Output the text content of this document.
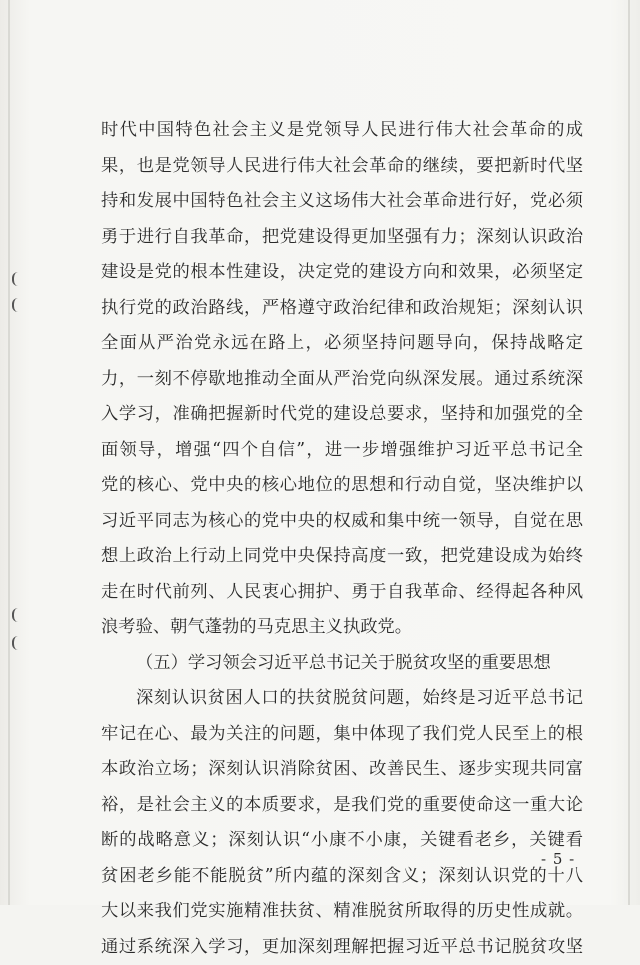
时代中国特色社会主义是党领导人民进行伟大社会革命的成
果，也是党领导人民进行伟大社会革命的继续，要把新时代坚
持和发展中国特色社会主义这场伟大社会革命进行好，党必须
勇于进行自我革命，把党建设得更加坚强有力；深刻认识政治
建设是党的根本性建设，决定党的建设方向和效果，必须坚定
执行党的政治路线，严格遵守政治纪律和政治规矩；深刻认识
全面从严治党永远在路上，必须坚持问题导向，保持战略定
力，一刻不停歇地推动全面从严治党向纵深发展。通过系统深
入学习，准确把握新时代党的建设总要求，坚持和加强党的全
面领导，增强“四个自信”，进一步增强维护习近平总书记全
党的核心、党中央的核心地位的思想和行动自觉，坚决维护以
习近平同志为核心的党中央的权威和集中统一领导，自觉在思
想上政治上行动上同党中央保持高度一致，把党建设成为始终
走在时代前列、人民衷心拥护、勇于自我革命、经得起各种风
浪考验、朝气蓬勃的马克思主义执政党。
（五）学习领会习近平总书记关于脱贫攻坚的重要思想
深刻认识贫困人口的扶贫脱贫问题，始终是习近平总书记
牢记在心、最为关注的问题，集中体现了我们党人民至上的根
本政治立场；深刻认识消除贫困、改善民生、逐步实现共同富
裕，是社会主义的本质要求，是我们党的重要使命这一重大论
断的战略意义；深刻认识“小康不小康，关键看老乡，关键看
贫困老乡能不能脱贫”所内蕴的深刻含义；深刻认识党的十八
大以来我们党实施精准扶贫、精准脱贫所取得的历史性成就。
通过系统深入学习，更加深刻理解把握习近平总书记脱贫攻坚
- 5 -
